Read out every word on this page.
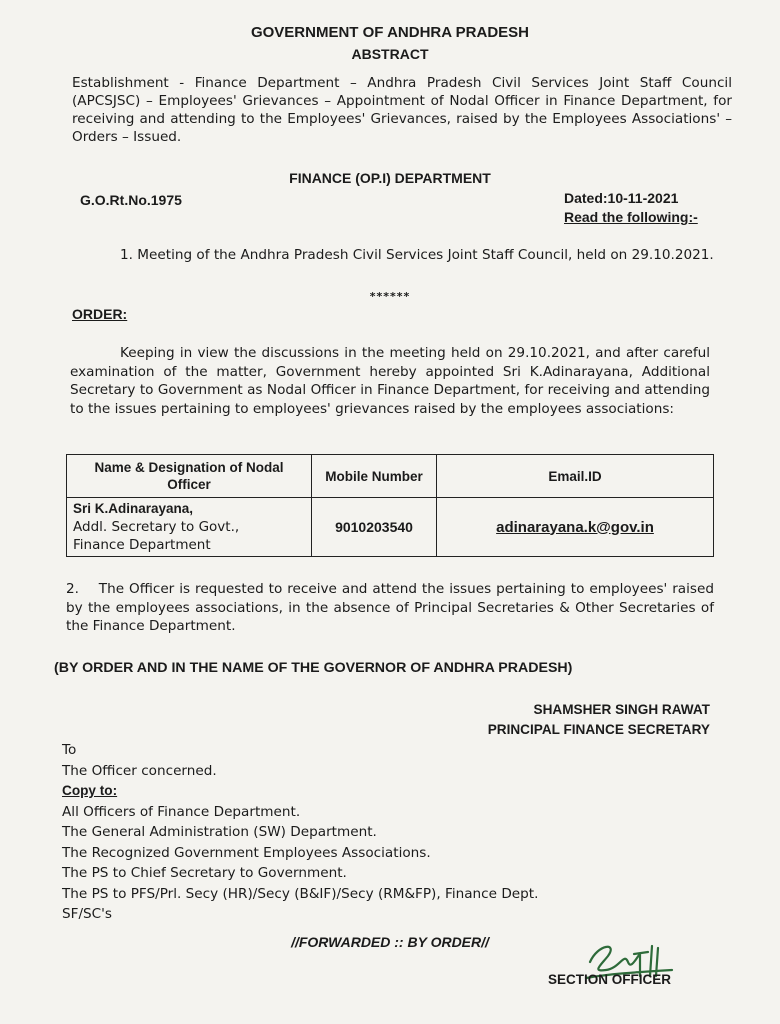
GOVERNMENT OF ANDHRA PRADESH
ABSTRACT
Establishment - Finance Department – Andhra Pradesh Civil Services Joint Staff Council (APCSJSC) – Employees' Grievances – Appointment of Nodal Officer in Finance Department, for receiving and attending to the Employees' Grievances, raised by the Employees Associations' – Orders – Issued.
FINANCE (OP.I) DEPARTMENT
G.O.Rt.No.1975	Dated:10-11-2021
Read the following:-
1. Meeting of the Andhra Pradesh Civil Services Joint Staff Council, held on 29.10.2021.
******
ORDER:
Keeping in view the discussions in the meeting held on 29.10.2021, and after careful examination of the matter, Government hereby appointed Sri K.Adinarayana, Additional Secretary to Government as Nodal Officer in Finance Department, for receiving and attending to the issues pertaining to employees' grievances raised by the employees associations:
Name & Designation of Nodal Officer	Mobile Number	Email.ID

Sri K.Adinarayana,
Addl. Secretary to Govt.,
Finance Department	9010203540	adinarayana.k@gov.in
2.    The Officer is requested to receive and attend the issues pertaining to employees' raised by the employees associations, in the absence of Principal Secretaries & Other Secretaries of the Finance Department.
(BY ORDER AND IN THE NAME OF THE GOVERNOR OF ANDHRA PRADESH)
SHAMSHER SINGH RAWAT
PRINCIPAL FINANCE SECRETARY
To
The Officer concerned.
Copy to:
All Officers of Finance Department.
The General Administration (SW) Department.
The Recognized Government Employees Associations.
The PS to Chief Secretary to Government.
The PS to PFS/Prl. Secy (HR)/Secy (B&IF)/Secy (RM&FP), Finance Dept.
SF/SC's
//FORWARDED :: BY ORDER//
SECTION OFFICER
